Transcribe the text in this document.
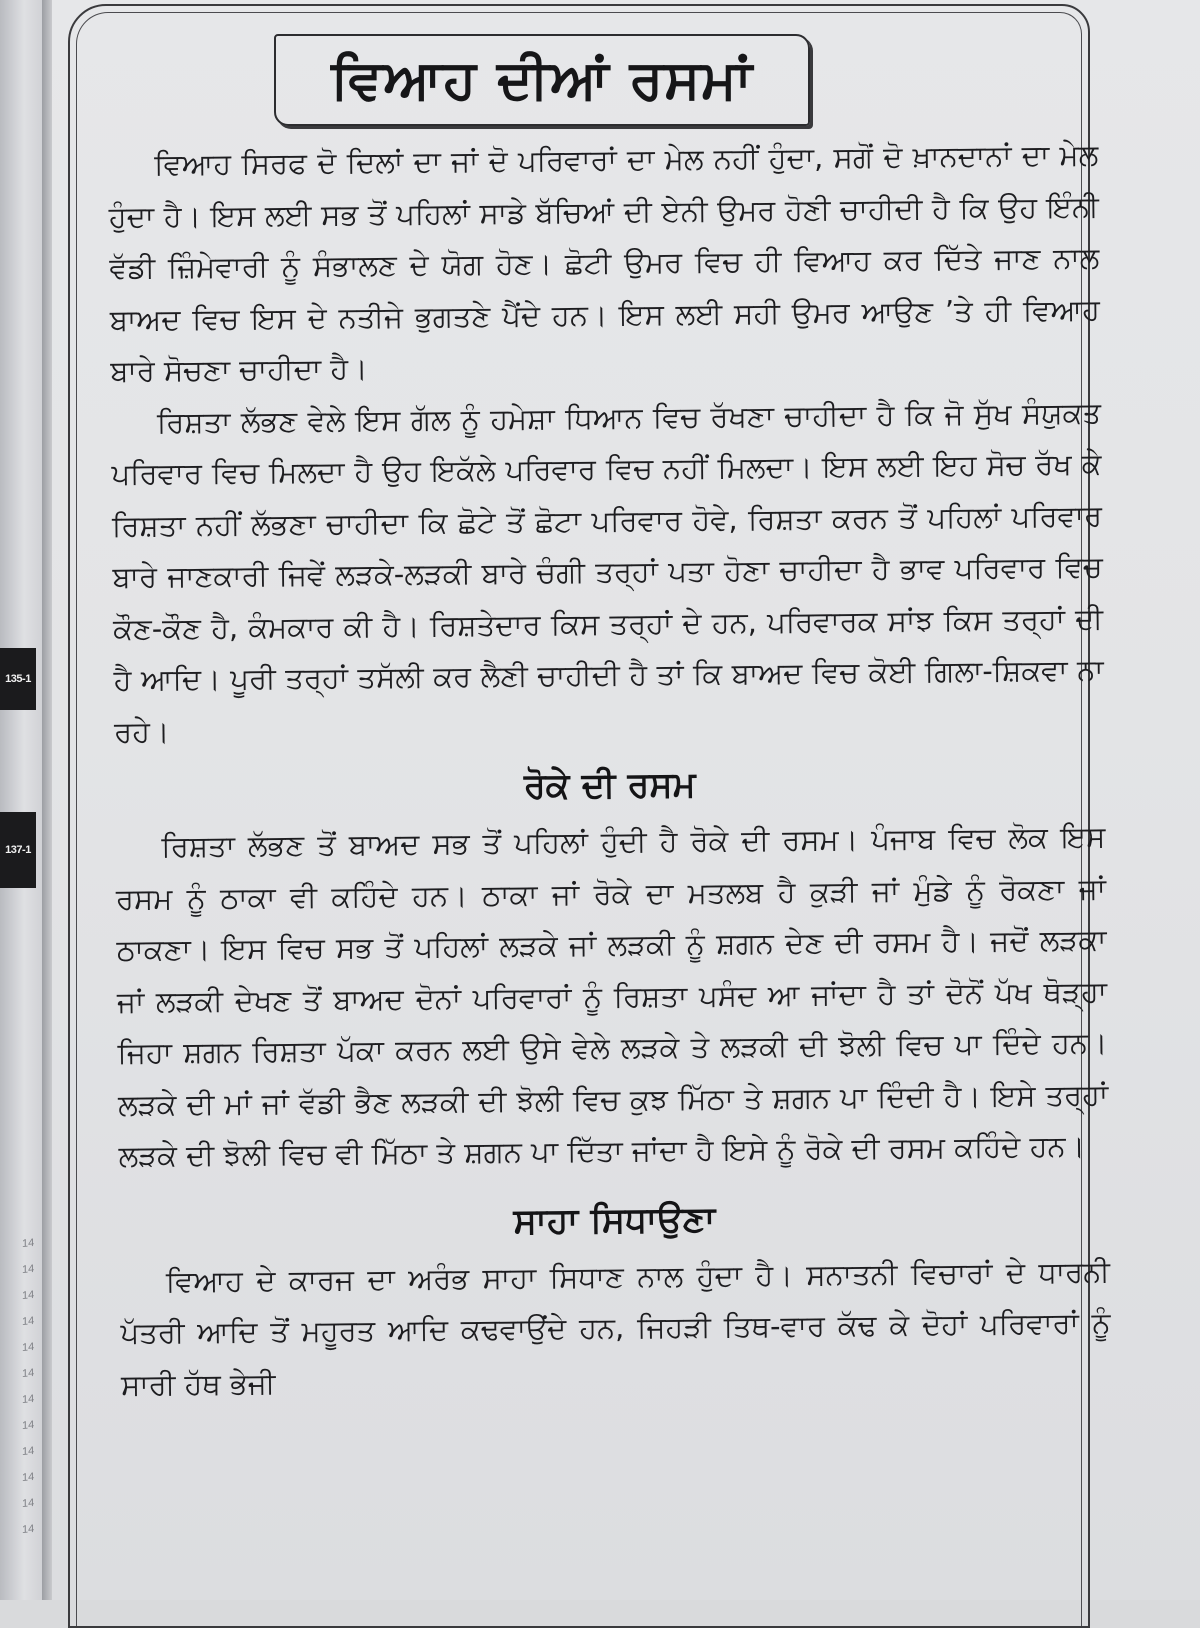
135-1
137-1
14
14
14
14
14
14
14
14
14
14
14
14
ਵਿਆਹ ਦੀਆਂ ਰਸਮਾਂ

ਵਿਆਹ ਸਿਰਫ ਦੋ ਦਿਲਾਂ ਦਾ ਜਾਂ ਦੋ ਪਰਿਵਾਰਾਂ ਦਾ ਮੇਲ ਨਹੀਂ ਹੁੰਦਾ, ਸਗੋਂ ਦੋ ਖ਼ਾਨਦਾਨਾਂ ਦਾ ਮੇਲ ਹੁੰਦਾ ਹੈ। ਇਸ ਲਈ ਸਭ ਤੋਂ ਪਹਿਲਾਂ ਸਾਡੇ ਬੱਚਿਆਂ ਦੀ ਏਨੀ ਉਮਰ ਹੋਣੀ ਚਾਹੀਦੀ ਹੈ ਕਿ ਉਹ ਇੰਨੀ ਵੱਡੀ ਜ਼ਿੰਮੇਵਾਰੀ ਨੂੰ ਸੰਭਾਲਣ ਦੇ ਯੋਗ ਹੋਣ। ਛੋਟੀ ਉਮਰ ਵਿਚ ਹੀ ਵਿਆਹ ਕਰ ਦਿੱਤੇ ਜਾਣ ਨਾਲ ਬਾਅਦ ਵਿਚ ਇਸ ਦੇ ਨਤੀਜੇ ਭੁਗਤਣੇ ਪੈਂਦੇ ਹਨ। ਇਸ ਲਈ ਸਹੀ ਉਮਰ ਆਉਣ ’ਤੇ ਹੀ ਵਿਆਹ ਬਾਰੇ ਸੋਚਣਾ ਚਾਹੀਦਾ ਹੈ।

ਰਿਸ਼ਤਾ ਲੱਭਣ ਵੇਲੇ ਇਸ ਗੱਲ ਨੂੰ ਹਮੇਸ਼ਾ ਧਿਆਨ ਵਿਚ ਰੱਖਣਾ ਚਾਹੀਦਾ ਹੈ ਕਿ ਜੋ ਸੁੱਖ ਸੰਯੁਕਤ ਪਰਿਵਾਰ ਵਿਚ ਮਿਲਦਾ ਹੈ ਉਹ ਇਕੱਲੇ ਪਰਿਵਾਰ ਵਿਚ ਨਹੀਂ ਮਿਲਦਾ। ਇਸ ਲਈ ਇਹ ਸੋਚ ਰੱਖ ਕੇ ਰਿਸ਼ਤਾ ਨਹੀਂ ਲੱਭਣਾ ਚਾਹੀਦਾ ਕਿ ਛੋਟੇ ਤੋਂ ਛੋਟਾ ਪਰਿਵਾਰ ਹੋਵੇ, ਰਿਸ਼ਤਾ ਕਰਨ ਤੋਂ ਪਹਿਲਾਂ ਪਰਿਵਾਰ ਬਾਰੇ ਜਾਣਕਾਰੀ ਜਿਵੇਂ ਲੜਕੇ-ਲੜਕੀ ਬਾਰੇ ਚੰਗੀ ਤਰ੍ਹਾਂ ਪਤਾ ਹੋਣਾ ਚਾਹੀਦਾ ਹੈ ਭਾਵ ਪਰਿਵਾਰ ਵਿਚ ਕੌਣ-ਕੌਣ ਹੈ, ਕੰਮਕਾਰ ਕੀ ਹੈ। ਰਿਸ਼ਤੇਦਾਰ ਕਿਸ ਤਰ੍ਹਾਂ ਦੇ ਹਨ, ਪਰਿਵਾਰਕ ਸਾਂਝ ਕਿਸ ਤਰ੍ਹਾਂ ਦੀ ਹੈ ਆਦਿ। ਪੂਰੀ ਤਰ੍ਹਾਂ ਤਸੱਲੀ ਕਰ ਲੈਣੀ ਚਾਹੀਦੀ ਹੈ ਤਾਂ ਕਿ ਬਾਅਦ ਵਿਚ ਕੋਈ ਗਿਲਾ-ਸ਼ਿਕਵਾ ਨਾ ਰਹੇ।

ਰੋਕੇ ਦੀ ਰਸਮ

ਰਿਸ਼ਤਾ ਲੱਭਣ ਤੋਂ ਬਾਅਦ ਸਭ ਤੋਂ ਪਹਿਲਾਂ ਹੁੰਦੀ ਹੈ ਰੋਕੇ ਦੀ ਰਸਮ। ਪੰਜਾਬ ਵਿਚ ਲੋਕ ਇਸ ਰਸਮ ਨੂੰ ਠਾਕਾ ਵੀ ਕਹਿੰਦੇ ਹਨ। ਠਾਕਾ ਜਾਂ ਰੋਕੇ ਦਾ ਮਤਲਬ ਹੈ ਕੁੜੀ ਜਾਂ ਮੁੰਡੇ ਨੂੰ ਰੋਕਣਾ ਜਾਂ ਠਾਕਣਾ। ਇਸ ਵਿਚ ਸਭ ਤੋਂ ਪਹਿਲਾਂ ਲੜਕੇ ਜਾਂ ਲੜਕੀ ਨੂੰ ਸ਼ਗਨ ਦੇਣ ਦੀ ਰਸਮ ਹੈ। ਜਦੋਂ ਲੜਕਾ ਜਾਂ ਲੜਕੀ ਦੇਖਣ ਤੋਂ ਬਾਅਦ ਦੋਨਾਂ ਪਰਿਵਾਰਾਂ ਨੂੰ ਰਿਸ਼ਤਾ ਪਸੰਦ ਆ ਜਾਂਦਾ ਹੈ ਤਾਂ ਦੋਨੋਂ ਪੱਖ ਥੋੜ੍ਹਾ ਜਿਹਾ ਸ਼ਗਨ ਰਿਸ਼ਤਾ ਪੱਕਾ ਕਰਨ ਲਈ ਉਸੇ ਵੇਲੇ ਲੜਕੇ ਤੇ ਲੜਕੀ ਦੀ ਝੋਲੀ ਵਿਚ ਪਾ ਦਿੰਦੇ ਹਨ। ਲੜਕੇ ਦੀ ਮਾਂ ਜਾਂ ਵੱਡੀ ਭੈਣ ਲੜਕੀ ਦੀ ਝੋਲੀ ਵਿਚ ਕੁਝ ਮਿੱਠਾ ਤੇ ਸ਼ਗਨ ਪਾ ਦਿੰਦੀ ਹੈ। ਇਸੇ ਤਰ੍ਹਾਂ ਲੜਕੇ ਦੀ ਝੋਲੀ ਵਿਚ ਵੀ ਮਿੱਠਾ ਤੇ ਸ਼ਗਨ ਪਾ ਦਿੱਤਾ ਜਾਂਦਾ ਹੈ ਇਸੇ ਨੂੰ ਰੋਕੇ ਦੀ ਰਸਮ ਕਹਿੰਦੇ ਹਨ।

ਸਾਹਾ ਸਿਧਾਉਣਾ

ਵਿਆਹ ਦੇ ਕਾਰਜ ਦਾ ਅਰੰਭ ਸਾਹਾ ਸਿਧਾਣ ਨਾਲ ਹੁੰਦਾ ਹੈ। ਸਨਾਤਨੀ ਵਿਚਾਰਾਂ ਦੇ ਧਾਰਨੀ ਪੱਤਰੀ ਆਦਿ ਤੋਂ ਮਹੂਰਤ ਆਦਿ ਕਢਵਾਉਂਦੇ ਹਨ, ਜਿਹੜੀ ਤਿਥ-ਵਾਰ ਕੱਢ ਕੇ ਦੋਹਾਂ ਪਰਿਵਾਰਾਂ ਨੂੰ ਸਾਰੀ ਹੱਥ ਭੇਜੀ
